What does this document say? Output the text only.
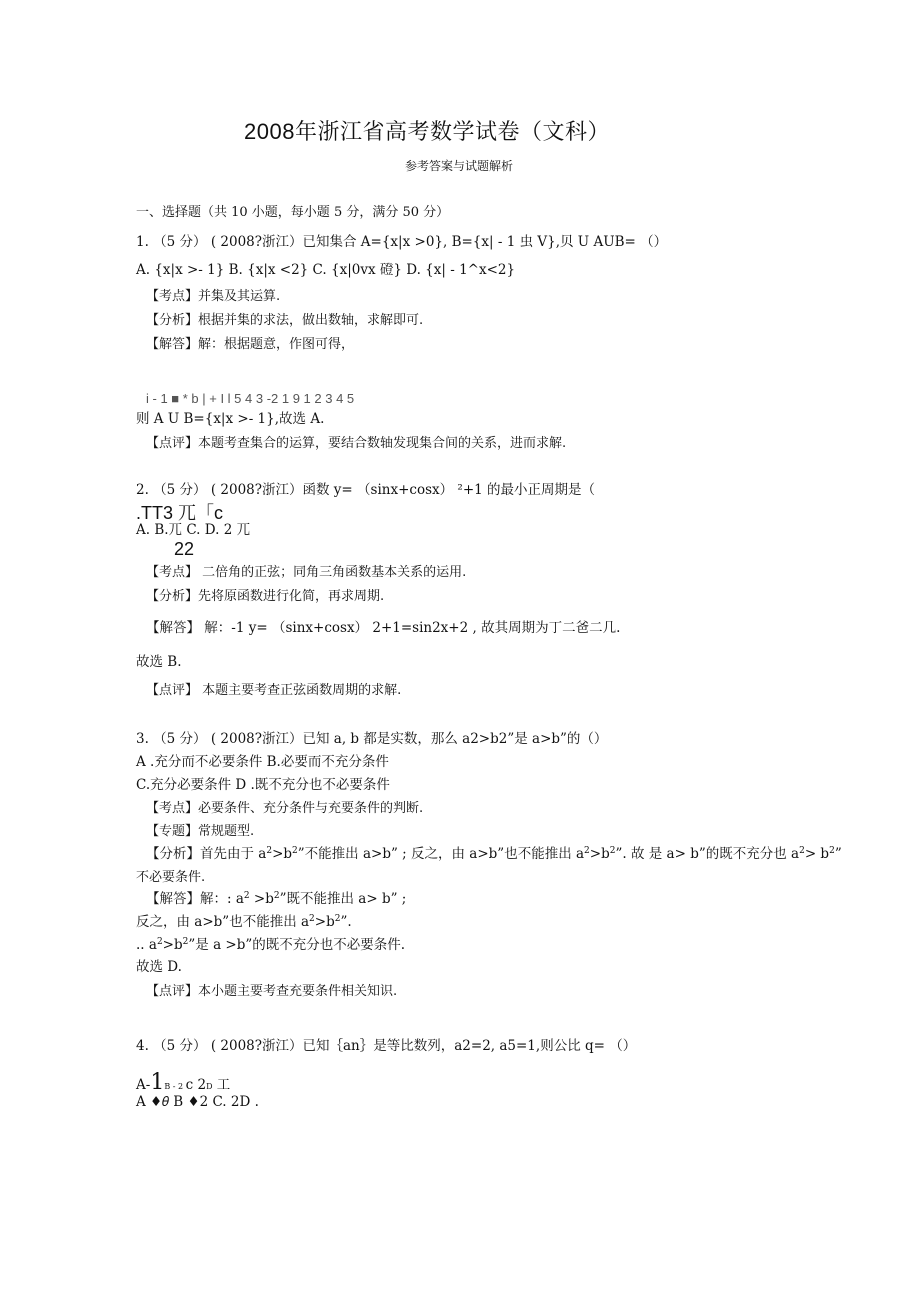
2008年浙江省高考数学试卷（文科）
参考答案与试题解析
一、选择题（共 10 小题，每小题 5 分，满分 50 分）
1. （5 分） ( 2008?浙江）已知集合 A={x|x >0}, B={x| - 1 虫 V},贝 U AUB= （）
A. {x|x >- 1} B. {x|x <2} C. {x|0vx 磴} D. {x| - 1^x<2}
【考点】并集及其运算.
【分析】根据并集的求法，做出数轴，求解即可.
【解答】解：根据题意，作图可得，
i - 1 ■ * b | + I l 5 4 3 -2 1 9 1 2 3 4 5
则 A U B={x|x >- 1},故选 A.
【点评】本题考查集合的运算，要结合数轴发现集合间的关系，进而求解.
2. （5 分） ( 2008?浙江）函数 y= （sinx+cosx） ²+1 的最小正周期是（
.TT3 兀「c
A. B.兀 C. D. 2 兀
22
【考点】 二倍角的正弦；同角三角函数基本关系的运用.
【分析】先将原函数进行化简，再求周期.
【解答】 解：-1 y= （sinx+cosx） 2+1=sin2x+2 , 故其周期为丁二爸二几.
故选 B.
【点评】 本题主要考查正弦函数周期的求解.
3. （5 分） ( 2008?浙江）已知 a, b 都是实数，那么 a2>b2”是 a>b”的（）
A .充分而不必要条件 B.必要而不充分条件
C.充分必要条件 D .既不充分也不必要条件
【考点】必要条件、充分条件与充要条件的判断.
【专题】常规题型.
【分析】首先由于 $a^2>b^2$”不能推出 a>b” ; 反之，由 a>b”也不能推出 $a^2>b^2$”. 故 是 a> b”的既不充分也 $a^2> b^2$”
不必要条件.
【解答】解：: $a^2 >b^2$”既不能推出 a> b” ;
反之，由 a>b”也不能推出 $a^2>b^2$”.
.. $a^2>b^2$”是 a >b”的既不充分也不必要条件.
故选 D.
【点评】本小题主要考查充要条件相关知识.
4. （5 分） ( 2008?浙江）已知｛an｝是等比数列，a2=2, a5=1,则公比 q= （）
A-1B - 2 c 2D 工
A ♦𝜃 B ♦2 C. 2D .
